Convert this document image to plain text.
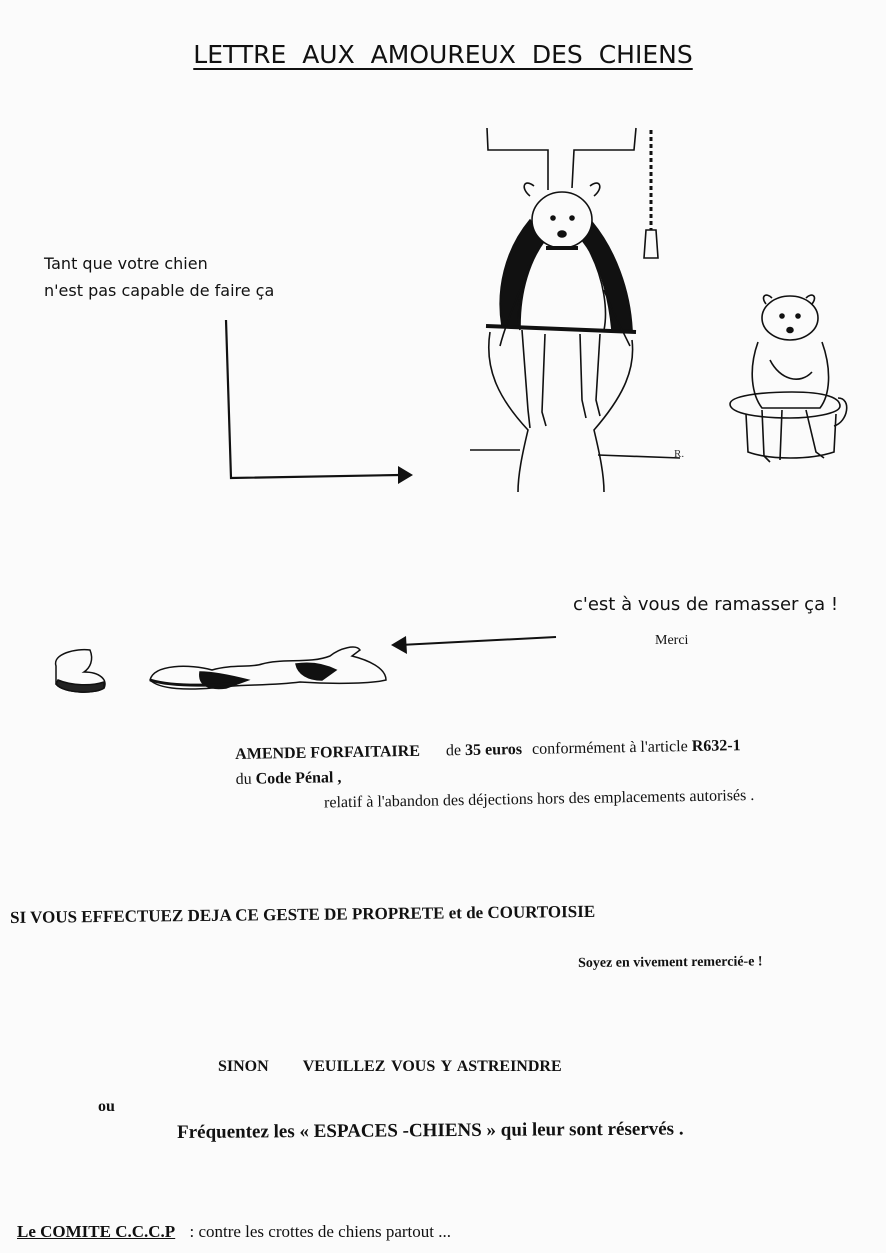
LETTRE AUX AMOUREUX DES CHIENS
Tant que votre chien
n'est pas capable de faire ça
R.
c'est à vous de ramasser ça !
Merci
AMENDE FORFAITAIRE de 35 euros conformément à l'article R632-1
du Code Pénal ,
relatif à l'abandon des déjections hors des emplacements autorisés .
SI VOUS EFFECTUEZ DEJA CE GESTE DE PROPRETE et de COURTOISIE
Soyez en vivement remercié-e !
SINON VEUILLEZ VOUS Y ASTREINDRE
ou
Fréquentez les « ESPACES -CHIENS » qui leur sont réservés .
Le COMITE C.C.C.P : contre les crottes de chiens partout ...
